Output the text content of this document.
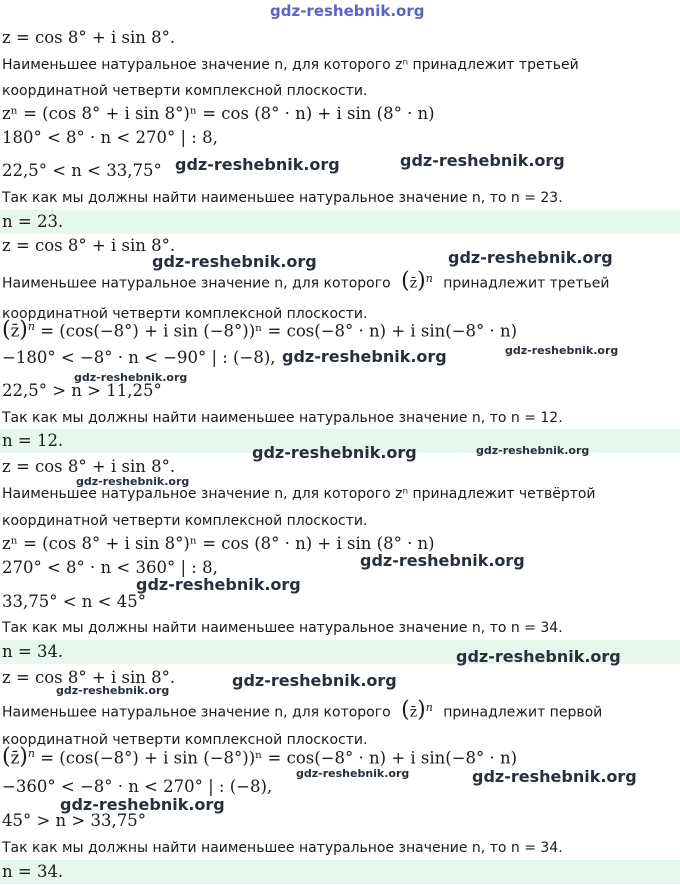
z = cos 8° + i sin 8°.
Наименьшее натуральное значение n, для которого zⁿ принадлежит третьей
координатной четверти комплексной плоскости.
zⁿ = (cos 8° + i sin 8°)ⁿ = cos (8° · n) + i sin (8° · n)
180° < 8° · n < 270° | : 8,
22,5° < n < 33,75°
Так как мы должны найти наименьшее натуральное значение n, то n = 23.
n = 23.
z = cos 8° + i sin 8°.
Наименьшее натуральное значение n, для которого (z̄)$^n$ принадлежит третьей
координатной четверти комплексной плоскости.
(z̄)$^n$ = (cos(−8°) + i sin (−8°))ⁿ = cos(−8° · n) + i sin(−8° · n)
−180° < −8° · n < −90° | : (−8),
22,5° > n > 11,25°
Так как мы должны найти наименьшее натуральное значение n, то n = 12.
n = 12.
z = cos 8° + i sin 8°.
Наименьшее натуральное значение n, для которого zⁿ принадлежит четвёртой
координатной четверти комплексной плоскости.
zⁿ = (cos 8° + i sin 8°)ⁿ = cos (8° · n) + i sin (8° · n)
270° < 8° · n < 360° | : 8,
33,75° < n < 45°
Так как мы должны найти наименьшее натуральное значение n, то n = 34.
n = 34.
z = cos 8° + i sin 8°.
Наименьшее натуральное значение n, для которого (z̄)$^n$ принадлежит первой
координатной четверти комплексной плоскости.
(z̄)$^n$ = (cos(−8°) + i sin (−8°))ⁿ = cos(−8° · n) + i sin(−8° · n)
−360° < −8° · n < 270° | : (−8),
45° > n > 33,75°
Так как мы должны найти наименьшее натуральное значение n, то n = 34.
n = 34.
gdz-reshebnik.org
gdz-reshebnik.org	gdz-reshebnik.org
gdz-reshebnik.org	gdz-reshebnik.org
gdz-reshebnik.org	gdz-reshebnik.org
gdz-reshebnik.org
gdz-reshebnik.org	gdz-reshebnik.org
gdz-reshebnik.org
gdz-reshebnik.org
gdz-reshebnik.org
gdz-reshebnik.org
gdz-reshebnik.org
gdz-reshebnik.org
gdz-reshebnik.org	gdz-reshebnik.org
gdz-reshebnik.org
